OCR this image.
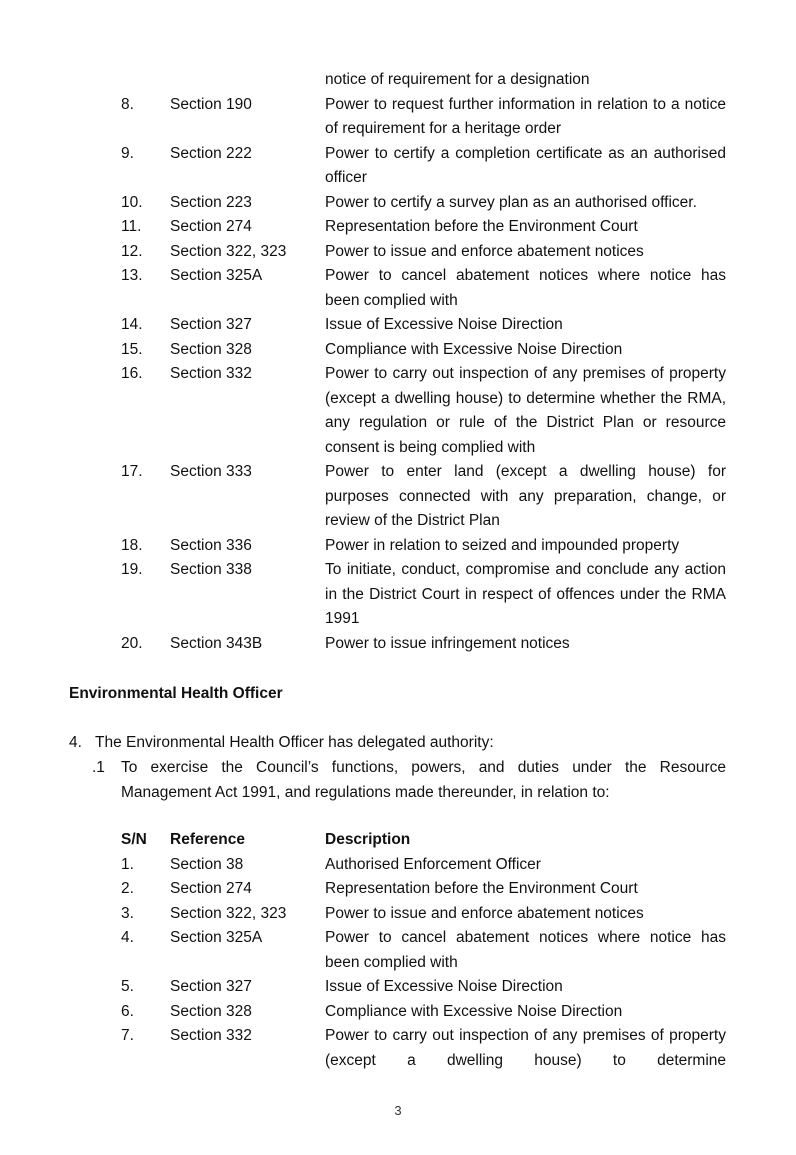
notice of requirement for a designation
8.	Section 190	Power to request further information in relation to a notice of requirement for a heritage order
9.	Section 222	Power to certify a completion certificate as an authorised officer
10.	Section 223	Power to certify a survey plan as an authorised officer.
11.	Section 274	Representation before the Environment Court
12.	Section 322, 323	Power to issue and enforce abatement notices
13.	Section 325A	Power to cancel abatement notices where notice has been complied with
14.	Section 327	Issue of Excessive Noise Direction
15.	Section 328	Compliance with Excessive Noise Direction
16.	Section 332	Power to carry out inspection of any premises of property (except a dwelling house) to determine whether the RMA, any regulation or rule of the District Plan or resource consent is being complied with
17.	Section 333	Power to enter land (except a dwelling house) for purposes connected with any preparation, change, or review of the District Plan
18.	Section 336	Power in relation to seized and impounded property
19.	Section 338	To initiate, conduct, compromise and conclude any action in the District Court in respect of offences under the RMA 1991
20.	Section 343B	Power to issue infringement notices
Environmental Health Officer
4. The Environmental Health Officer has delegated authority:
.1	To exercise the Council’s functions, powers, and duties under the Resource Management Act 1991, and regulations made thereunder, in relation to:
S/N	Reference	Description
1.	Section 38	Authorised Enforcement Officer
2.	Section 274	Representation before the Environment Court
3.	Section 322, 323	Power to issue and enforce abatement notices
4.	Section 325A	Power to cancel abatement notices where notice has been complied with
5.	Section 327	Issue of Excessive Noise Direction
6.	Section 328	Compliance with Excessive Noise Direction
7.	Section 332	Power to carry out inspection of any premises of property (except a dwelling house) to determine
3
